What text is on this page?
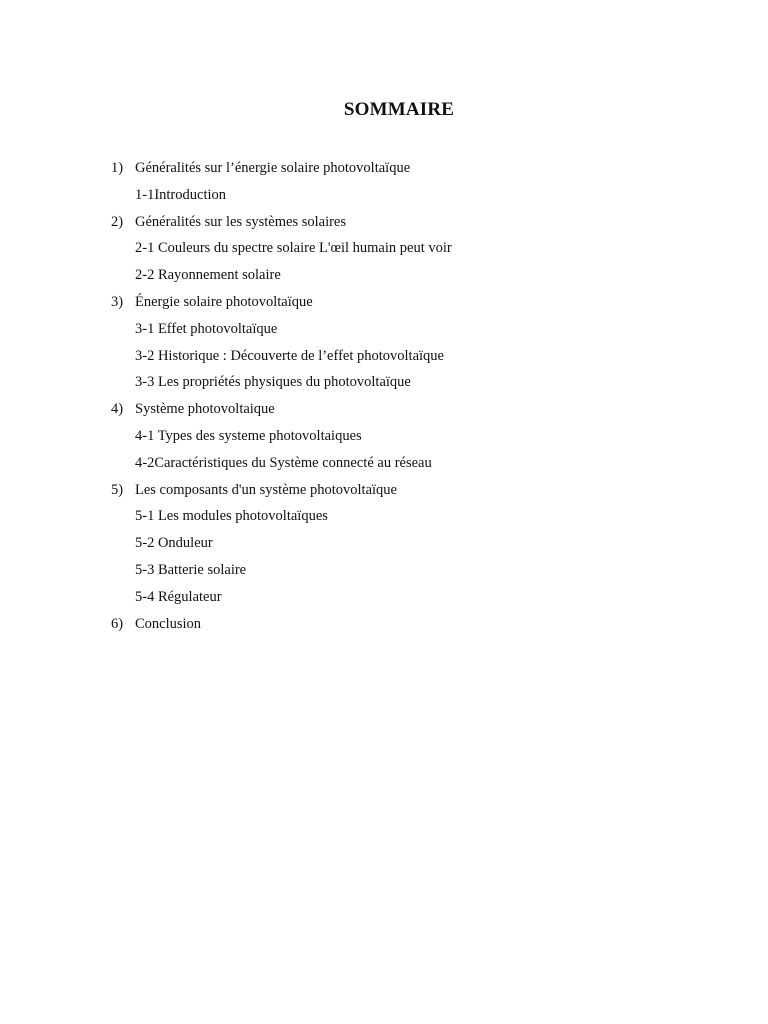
SOMMAIRE
1) Généralités sur l’énergie solaire photovoltaïque
1-1Introduction
2) Généralités sur les systèmes solaires
2-1 Couleurs du spectre solaire L'œil humain peut voir
2-2 Rayonnement solaire
3) Énergie solaire photovoltaïque
3-1 Effet photovoltaïque
3-2 Historique : Découverte de l’effet photovoltaïque
3-3 Les propriétés physiques du photovoltaïque
4) Système photovoltaique
4-1 Types des systeme photovoltaiques
4-2Caractéristiques du Système connecté au réseau
5) Les composants d'un système photovoltaïque
5-1 Les modules photovoltaïques
5-2 Onduleur
5-3 Batterie solaire
5-4 Régulateur
6) Conclusion
